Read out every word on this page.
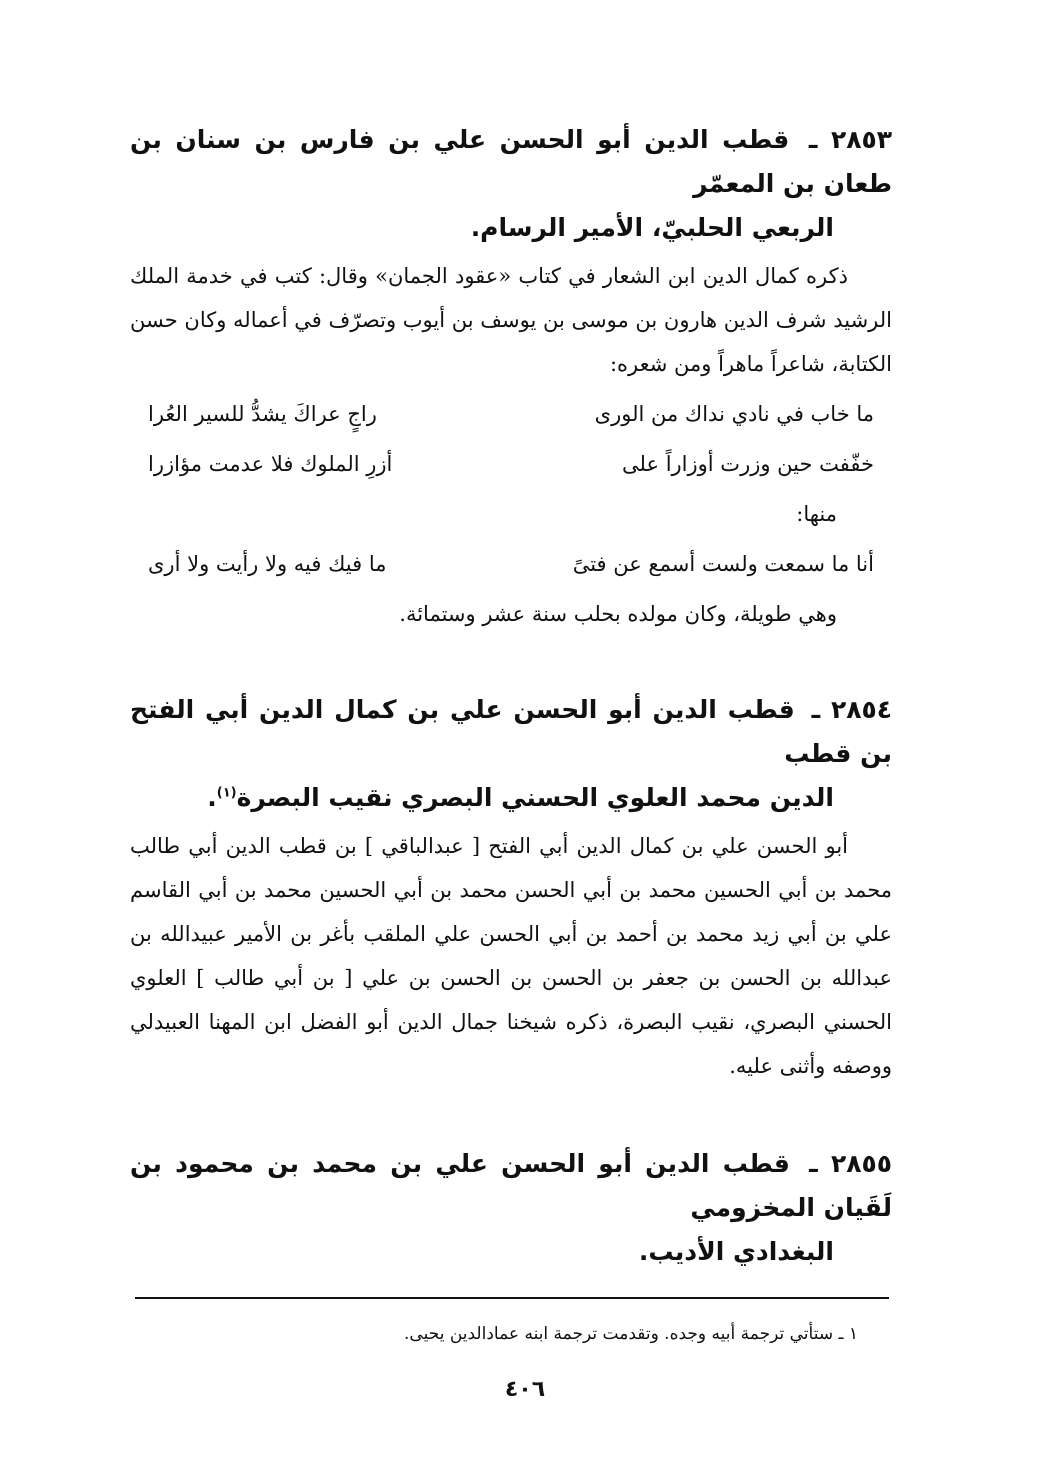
٢٨٥٣ ـ قطب الدين أبو الحسن علي بن فارس بن سنان بن طعان بن المعمّر
الربعي الحلبيّ، الأمير الرسام.

ذكره كمال الدين ابن الشعار في كتاب «عقود الجمان» وقال: كتب في خدمة الملك الرشيد شرف الدين هارون بن موسى بن يوسف بن أيوب وتصرّف في أعماله وكان حسن الكتابة، شاعراً ماهراً ومن شعره:

ما خاب في نادي نداك من الورى
راجٍ عراكَ يشدُّ للسير العُرا
خفّفت حين وزرت أوزاراً على
أزرِ الملوك فلا عدمت مؤازرا

منها:

أنا ما سمعت ولست أسمع عن فتىً
ما فيك فيه ولا رأيت ولا أرى

وهي طويلة، وكان مولده بحلب سنة عشر وستمائة.

٢٨٥٤ ـ قطب الدين أبو الحسن علي بن كمال الدين أبي الفتح بن قطب
الدين محمد العلوي الحسني البصري نقيب البصرة$^{(١)}$.

أبو الحسن علي بن كمال الدين أبي الفتح [ عبدالباقي ] بن قطب الدين أبي طالب محمد بن أبي الحسين محمد بن أبي الحسن محمد بن أبي الحسين محمد بن أبي القاسم علي بن أبي زيد محمد بن أحمد بن أبي الحسن علي الملقب بأغر بن الأمير عبيدالله بن عبدالله بن الحسن بن جعفر بن الحسن بن الحسن بن علي [ بن أبي طالب ] العلوي الحسني البصري، نقيب البصرة، ذكره شيخنا جمال الدين أبو الفضل ابن المهنا العبيدلي ووصفه وأثنى عليه.

٢٨٥٥ ـ قطب الدين أبو الحسن علي بن محمد بن محمود بن لَقَيان المخزومي
البغدادي الأديب.
١ ـ ستأتي ترجمة أبيه وجده. وتقدمت ترجمة ابنه عمادالدين يحيى.
٤٠٦
